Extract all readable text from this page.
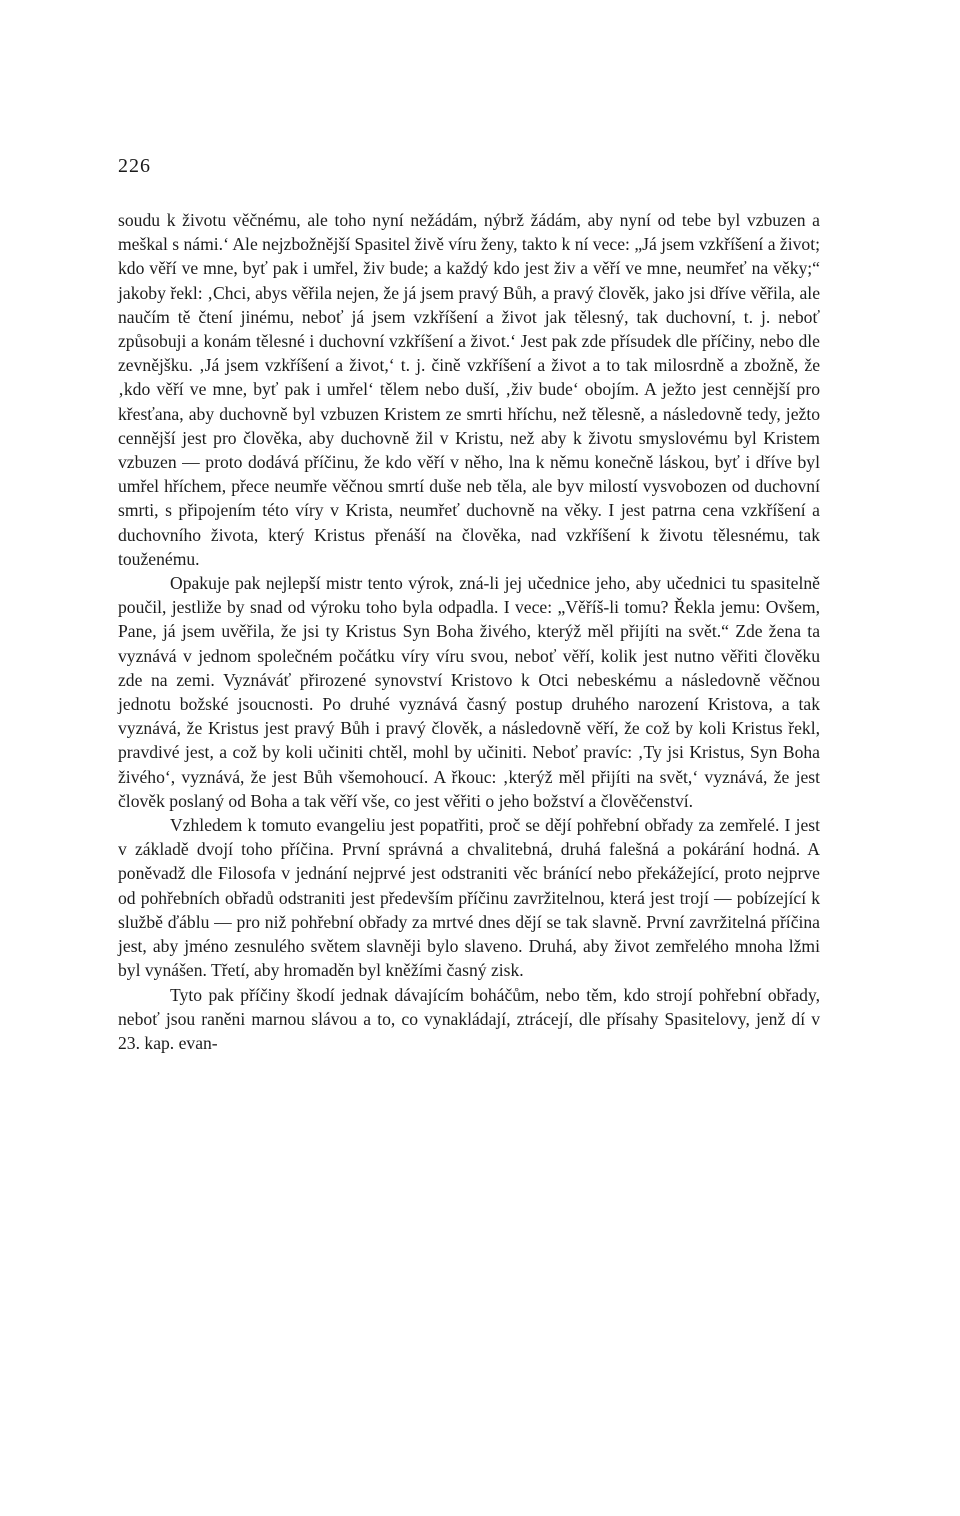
226

soudu k životu věčnému, ale toho nyní nežádám, nýbrž žádám, aby nyní od tebe byl vzbuzen a meškal s námi.‘ Ale nejzbožnější Spasitel živě víru ženy, takto k ní vece: „Já jsem vzkříšení a život; kdo věří ve mne, byť pak i umřel, živ bude; a každý kdo jest živ a věří ve mne, neumřeť na věky;“ jakoby řekl: ‚Chci, abys věřila nejen, že já jsem pravý Bůh, a pravý člověk, jako jsi dříve věřila, ale naučím tě čtení jinému, neboť já jsem vzkříšení a život jak tělesný, tak duchovní, t. j. neboť způsobuji a konám tělesné i duchovní vzkříšení a život.‘ Jest pak zde přísudek dle příčiny, nebo dle zevnějšku. ‚Já jsem vzkříšení a život,‘ t. j. čině vzkříšení a život a to tak milosrdně a zbožně, že ‚kdo věří ve mne, byť pak i umřel‘ tělem nebo duší, ‚živ bude‘ obojím. A ježto jest cennější pro křesťana, aby duchovně byl vzbuzen Kristem ze smrti hříchu, než tělesně, a následovně tedy, ježto cennější jest pro člověka, aby duchovně žil v Kristu, než aby k životu smyslovému byl Kristem vzbuzen — proto dodává příčinu, že kdo věří v něho, lna k němu konečně láskou, byť i dříve byl umřel hříchem, přece neumře věčnou smrtí duše neb těla, ale byv milostí vysvobozen od duchovní smrti, s připojením této víry v Krista, neumřeť duchovně na věky. I jest patrna cena vzkříšení a duchovního života, který Kristus přenáší na člověka, nad vzkříšení k životu tělesnému, tak touženému.

Opakuje pak nejlepší mistr tento výrok, zná-li jej učednice jeho, aby učednici tu spasitelně poučil, jestliže by snad od výroku toho byla odpadla. I vece: „Věříš-li tomu? Řekla jemu: Ovšem, Pane, já jsem uvěřila, že jsi ty Kristus Syn Boha živého, kterýž měl přijíti na svět.“ Zde žena ta vyznává v jednom společném počátku víry víru svou, neboť věří, kolik jest nutno věřiti člověku zde na zemi. Vyznáváť přirozené synovství Kristovo k Otci nebeskému a následovně věčnou jednotu božské jsoucnosti. Po druhé vyznává časný postup druhého narození Kristova, a tak vyznává, že Kristus jest pravý Bůh i pravý člověk, a následovně věří, že což by koli Kristus řekl, pravdivé jest, a což by koli učiniti chtěl, mohl by učiniti. Neboť pravíc: ‚Ty jsi Kristus, Syn Boha živého‘, vyznává, že jest Bůh všemohoucí. A řkouc: ‚kterýž měl přijíti na svět,‘ vyznává, že jest člověk poslaný od Boha a tak věří vše, co jest věřiti o jeho božství a člověčenství.

Vzhledem k tomuto evangeliu jest popatřiti, proč se dějí pohřební obřady za zemřelé. I jest v základě dvojí toho příčina. První správná a chvalitebná, druhá falešná a pokárání hodná. A poněvadž dle Filosofa v jednání nejprvé jest odstraniti věc bránící nebo překážející, proto nejprve od pohřebních obřadů odstraniti jest především příčinu zavržitelnou, která jest trojí — pobízející k službě ďáblu — pro niž pohřební obřady za mrtvé dnes dějí se tak slavně. První zavržitelná příčina jest, aby jméno zesnulého světem slavněji bylo slaveno. Druhá, aby život zemřelého mnoha lžmi byl vynášen. Třetí, aby hromaděn byl kněžími časný zisk.

Tyto pak příčiny škodí jednak dávajícím boháčům, nebo těm, kdo strojí pohřební obřady, neboť jsou raněni marnou slávou a to, co vynakládají, ztrácejí, dle přísahy Spasitelovy, jenž dí v 23. kap. evan-
